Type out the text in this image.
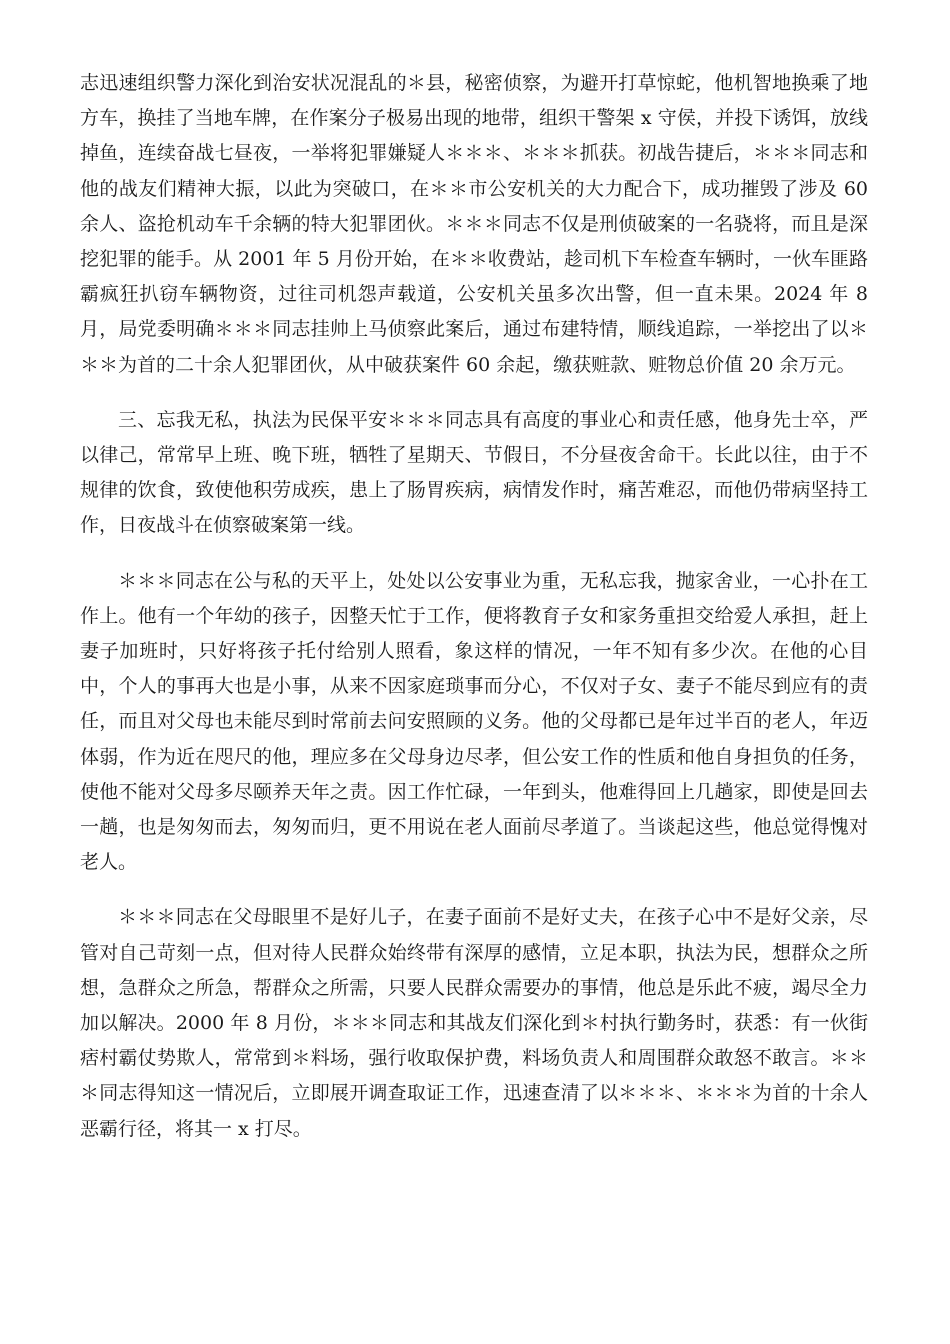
志迅速组织警力深化到治安状况混乱的＊县，秘密侦察，为避开打草惊蛇，他机智地换乘了地方车，换挂了当地车牌，在作案分子极易出现的地带，组织干警架 x 守侯，并投下诱饵，放线掉鱼，连续奋战七昼夜，一举将犯罪嫌疑人＊＊＊、＊＊＊抓获。初战告捷后，＊＊＊同志和他的战友们精神大振，以此为突破口，在＊＊市公安机关的大力配合下，成功摧毁了涉及 60 余人、盗抢机动车千余辆的特大犯罪团伙。＊＊＊同志不仅是刑侦破案的一名骁将，而且是深挖犯罪的能手。从 2001 年 5 月份开始，在＊＊收费站，趁司机下车检查车辆时，一伙车匪路霸疯狂扒窃车辆物资，过往司机怨声载道，公安机关虽多次出警，但一直未果。2024 年 8 月，局党委明确＊＊＊同志挂帅上马侦察此案后，通过布建特情，顺线追踪，一举挖出了以＊＊＊为首的二十余人犯罪团伙，从中破获案件 60 余起，缴获赃款、赃物总价值 20 余万元。

三、忘我无私，执法为民保平安＊＊＊同志具有高度的事业心和责任感，他身先士卒，严以律己，常常早上班、晚下班，牺牲了星期天、节假日，不分昼夜舍命干。长此以往，由于不规律的饮食，致使他积劳成疾，患上了肠胃疾病，病情发作时，痛苦难忍，而他仍带病坚持工作，日夜战斗在侦察破案第一线。

＊＊＊同志在公与私的天平上，处处以公安事业为重，无私忘我，抛家舍业，一心扑在工作上。他有一个年幼的孩子，因整天忙于工作，便将教育子女和家务重担交给爱人承担，赶上妻子加班时，只好将孩子托付给别人照看，象这样的情况，一年不知有多少次。在他的心目中，个人的事再大也是小事，从来不因家庭琐事而分心，不仅对子女、妻子不能尽到应有的责任，而且对父母也未能尽到时常前去问安照顾的义务。他的父母都已是年过半百的老人，年迈体弱，作为近在咫尺的他，理应多在父母身边尽孝，但公安工作的性质和他自身担负的任务，使他不能对父母多尽颐养天年之责。因工作忙碌，一年到头，他难得回上几趟家，即使是回去一趟，也是匆匆而去，匆匆而归，更不用说在老人面前尽孝道了。当谈起这些，他总觉得愧对老人。

＊＊＊同志在父母眼里不是好儿子，在妻子面前不是好丈夫，在孩子心中不是好父亲，尽管对自己苛刻一点，但对待人民群众始终带有深厚的感情，立足本职，执法为民，想群众之所想，急群众之所急，帮群众之所需，只要人民群众需要办的事情，他总是乐此不疲，竭尽全力加以解决。2000 年 8 月份，＊＊＊同志和其战友们深化到＊村执行勤务时，获悉：有一伙街痞村霸仗势欺人，常常到＊料场，强行收取保护费，料场负责人和周围群众敢怒不敢言。＊＊＊同志得知这一情况后，立即展开调查取证工作，迅速查清了以＊＊＊、＊＊＊为首的十余人恶霸行径，将其一 x 打尽。
